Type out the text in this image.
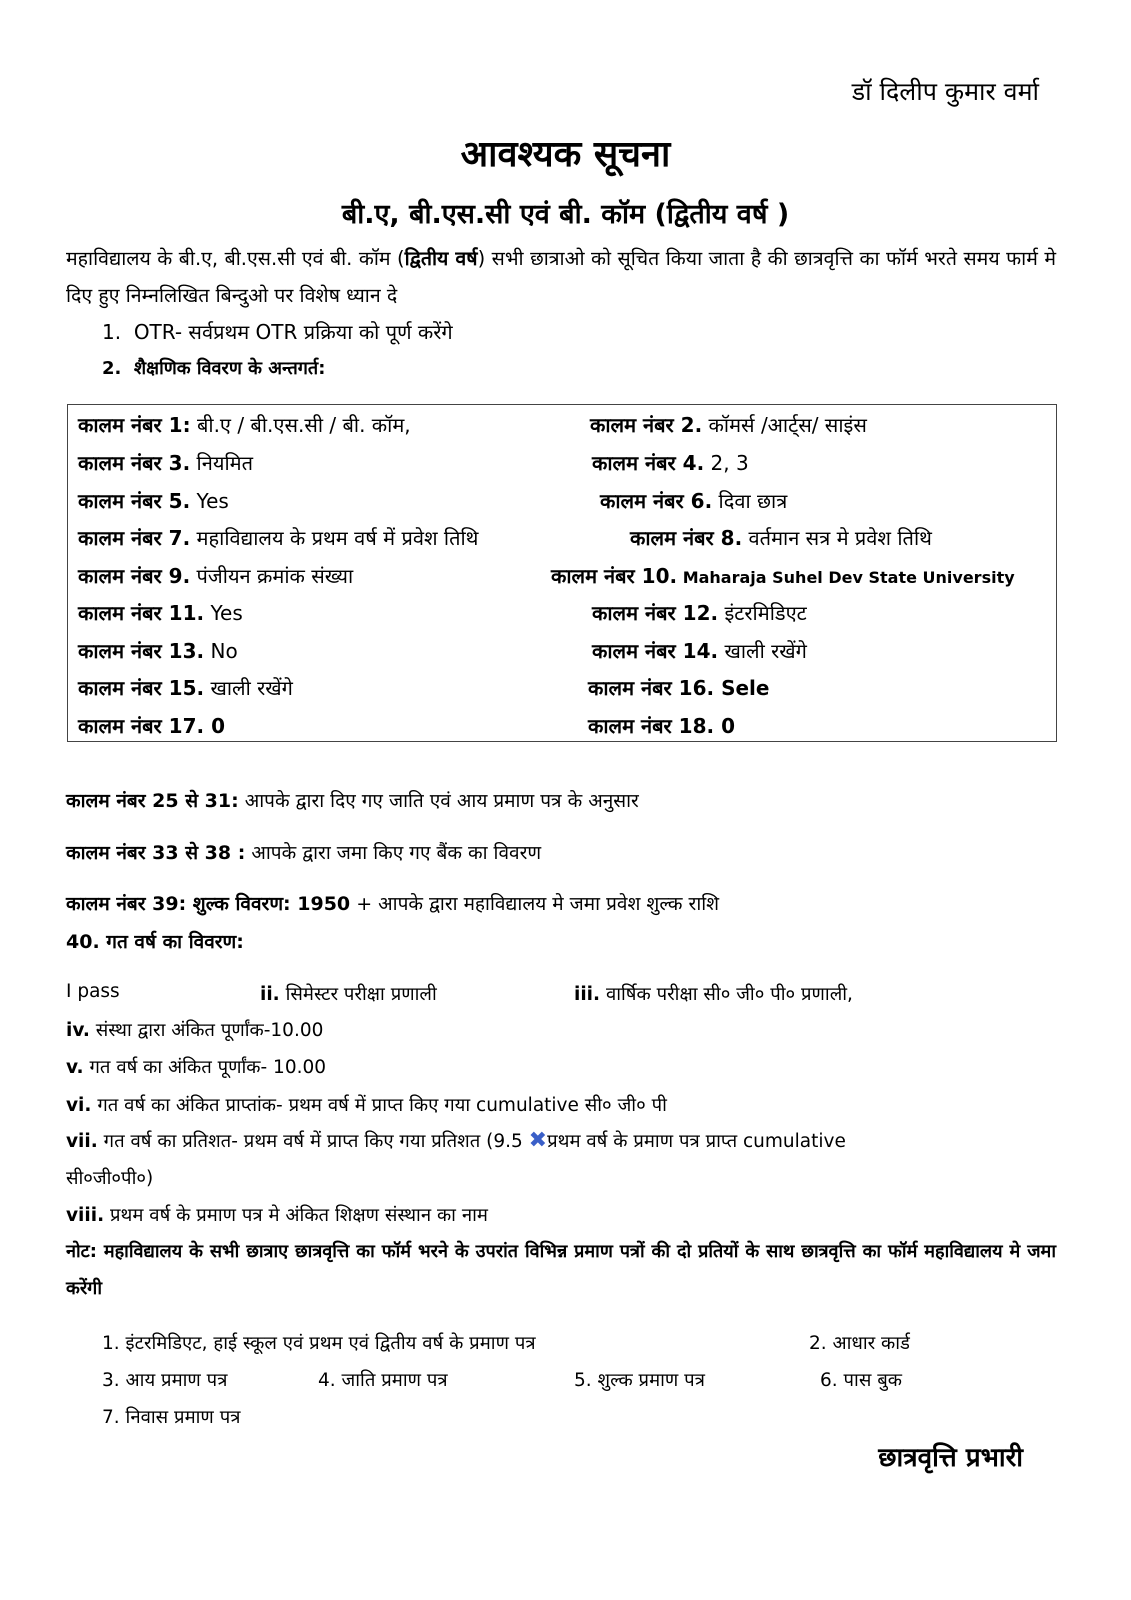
डॉ दिलीप कुमार वर्मा
आवश्यक सूचना
बी.ए, बी.एस.सी एवं बी. कॉम (द्वितीय वर्ष )
महाविद्यालय के बी.ए, बी.एस.सी एवं बी. कॉम (द्वितीय वर्ष) सभी छात्राओ को सूचित किया जाता है की छात्रवृत्ति का फॉर्म भरते समय फार्म मे दिए हुए निम्नलिखित बिन्दुओ पर विशेष ध्यान दे
1. OTR- सर्वप्रथम OTR प्रक्रिया को पूर्ण करेंगे
2. शैक्षणिक विवरण के अन्तगर्त:
कालम नंबर 1: बी.ए / बी.एस.सी / बी. कॉम,	कालम नंबर 2. कॉमर्स /आर्ट्स/ साइंस
कालम नंबर 3. नियमित	कालम नंबर 4. 2, 3
कालम नंबर 5. Yes	कालम नंबर 6. दिवा छात्र
कालम नंबर 7. महाविद्यालय के प्रथम वर्ष में प्रवेश तिथि	कालम नंबर 8. वर्तमान सत्र मे प्रवेश तिथि
कालम नंबर 9. पंजीयन क्रमांक संख्या	कालम नंबर 10. Maharaja Suhel Dev State University
कालम नंबर 11. Yes	कालम नंबर 12. इंटरमिडिएट
कालम नंबर 13. No	कालम नंबर 14. खाली रखेंगे
कालम नंबर 15. खाली रखेंगे	कालम नंबर 16. Sele
कालम नंबर 17. 0	कालम नंबर 18. 0
कालम नंबर 25 से 31: आपके द्वारा दिए गए जाति एवं आय प्रमाण पत्र के अनुसार
कालम नंबर 33 से 38 : आपके द्वारा जमा किए गए बैंक का विवरण
कालम नंबर 39: शुल्क विवरण: 1950 + आपके द्वारा महाविद्यालय मे जमा प्रवेश शुल्क राशि
40. गत वर्ष का विवरण:
I pass	ii. सिमेस्टर परीक्षा प्रणाली	iii. वार्षिक परीक्षा सी० जी० पी० प्रणाली,
iv. संस्था द्वारा अंकित पूर्णांक-10.00
v. गत वर्ष का अंकित पूर्णांक- 10.00
vi. गत वर्ष का अंकित प्राप्तांक- प्रथम वर्ष में प्राप्त किए गया cumulative सी० जी० पी
vii. गत वर्ष का प्रतिशत- प्रथम वर्ष में प्राप्त किए गया प्रतिशत (9.5 ✖प्रथम वर्ष के प्रमाण पत्र प्राप्त cumulative
सी०जी०पी०)
viii. प्रथम वर्ष के प्रमाण पत्र मे अंकित शिक्षण संस्थान का नाम
नोट: महाविद्यालय के सभी छात्राए छात्रवृत्ति का फॉर्म भरने के उपरांत विभिन्न प्रमाण पत्रों की दो प्रतियों के साथ छात्रवृत्ति का फॉर्म महाविद्यालय मे जमा करेंगी
1. इंटरमिडिएट, हाई स्कूल एवं प्रथम एवं द्वितीय वर्ष के प्रमाण पत्र	2. आधार कार्ड
3. आय प्रमाण पत्र	4. जाति प्रमाण पत्र	5. शुल्क प्रमाण पत्र	6. पास बुक
7. निवास प्रमाण पत्र
छात्रवृत्ति प्रभारी
